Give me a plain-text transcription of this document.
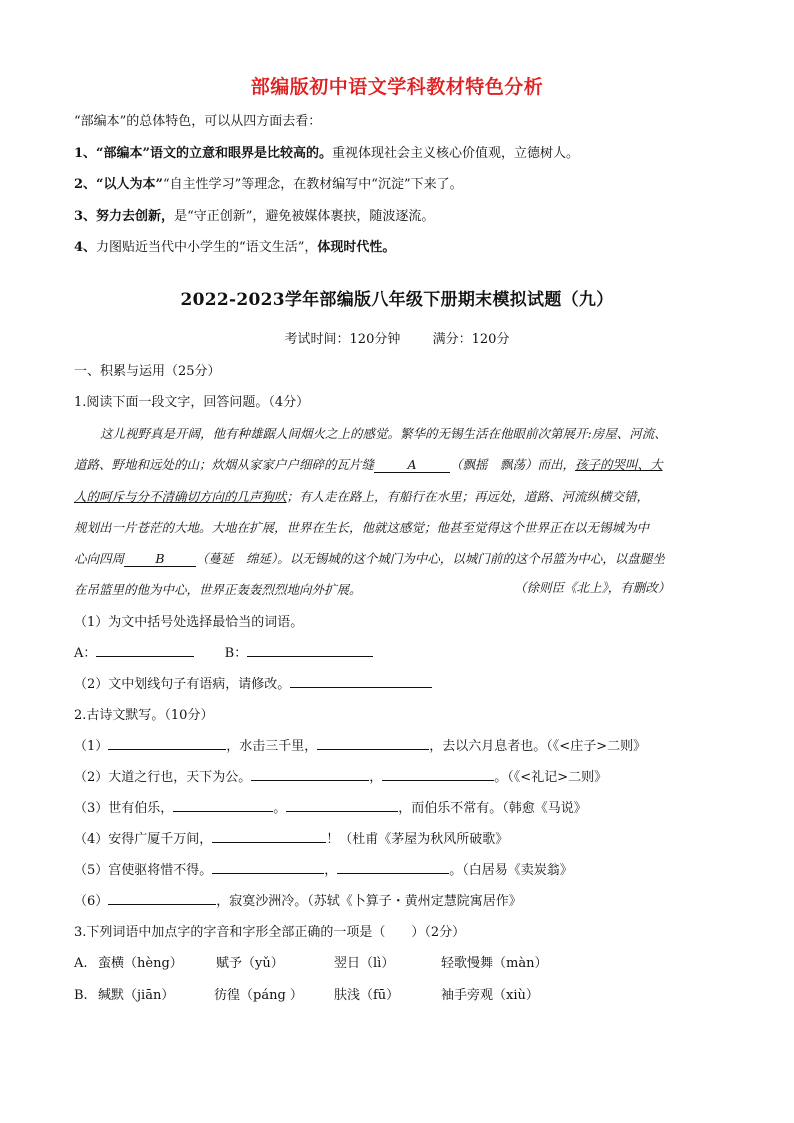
部编版初中语文学科教材特色分析
“部编本”的总体特色，可以从四方面去看：
1、“部编本”语文的立意和眼界是比较高的。重视体现社会主义核心价值观，立德树人。
2、“以人为本”“自主性学习”等理念，在教材编写中“沉淀”下来了。
3、努力去创新，是“守正创新”，避免被媒体裹挟，随波逐流。
4、力图贴近当代中小学生的“语文生活”，体现时代性。
2022-2023学年部编版八年级下册期末模拟试题（九）
考试时间：120分钟 满分：120分
一、积累与运用（25分）
1.阅读下面一段文字，回答问题。（4分）
这儿视野真是开阔，他有种雄踞人间烟火之上的感觉。繁华的无锡生活在他眼前次第展开:房屋、河流、
道路、野地和远处的山；炊烟从家家户户细碎的瓦片缝	A	（飘摇　飘荡）而出，孩子的哭叫、大
人的呵斥与分不清确切方向的几声狗吠；有人走在路上，有船行在水里；再远处，道路、河流纵横交错，
规划出一片苍茫的大地。大地在扩展，世界在生长，他就这感觉；他甚至觉得这个世界正在以无锡城为中
心向四周	B	（蔓延　绵延）。以无锡城的这个城门为中心，以城门前的这个吊篮为中心，以盘腿坐
在吊篮里的他为中心，世界正轰轰烈烈地向外扩展。	（徐则臣《北上》，有删改）
（1）为文中括号处选择最恰当的词语。
A：	B：
（2）文中划线句子有语病，请修改。
2.古诗文默写。（10分）
（1）	，水击三千里，	，去以六月息者也。（《<庄子>二则》
（2）大道之行也，天下为公。	，	。（《<礼记>二则》
（3）世有伯乐，	。	，而伯乐不常有。（韩愈《马说》
（4）安得广厦千万间，	！（杜甫《茅屋为秋风所破歌》
（5）宫使驱将惜不得。	，	。（白居易《卖炭翁》
（6）	，寂寞沙洲冷。（苏轼《卜算子・黄州定慧院寓居作》
3.下列词语中加点字的字音和字形全部正确的一项是（　　）（2分）
A. 蛮横（hèng）	赋予（yǔ）	翌日（lì）	轻歌慢舞（màn）
B. 缄默（jiān）	彷徨（páng ） 肤浅（fū）	袖手旁观（xiù）
